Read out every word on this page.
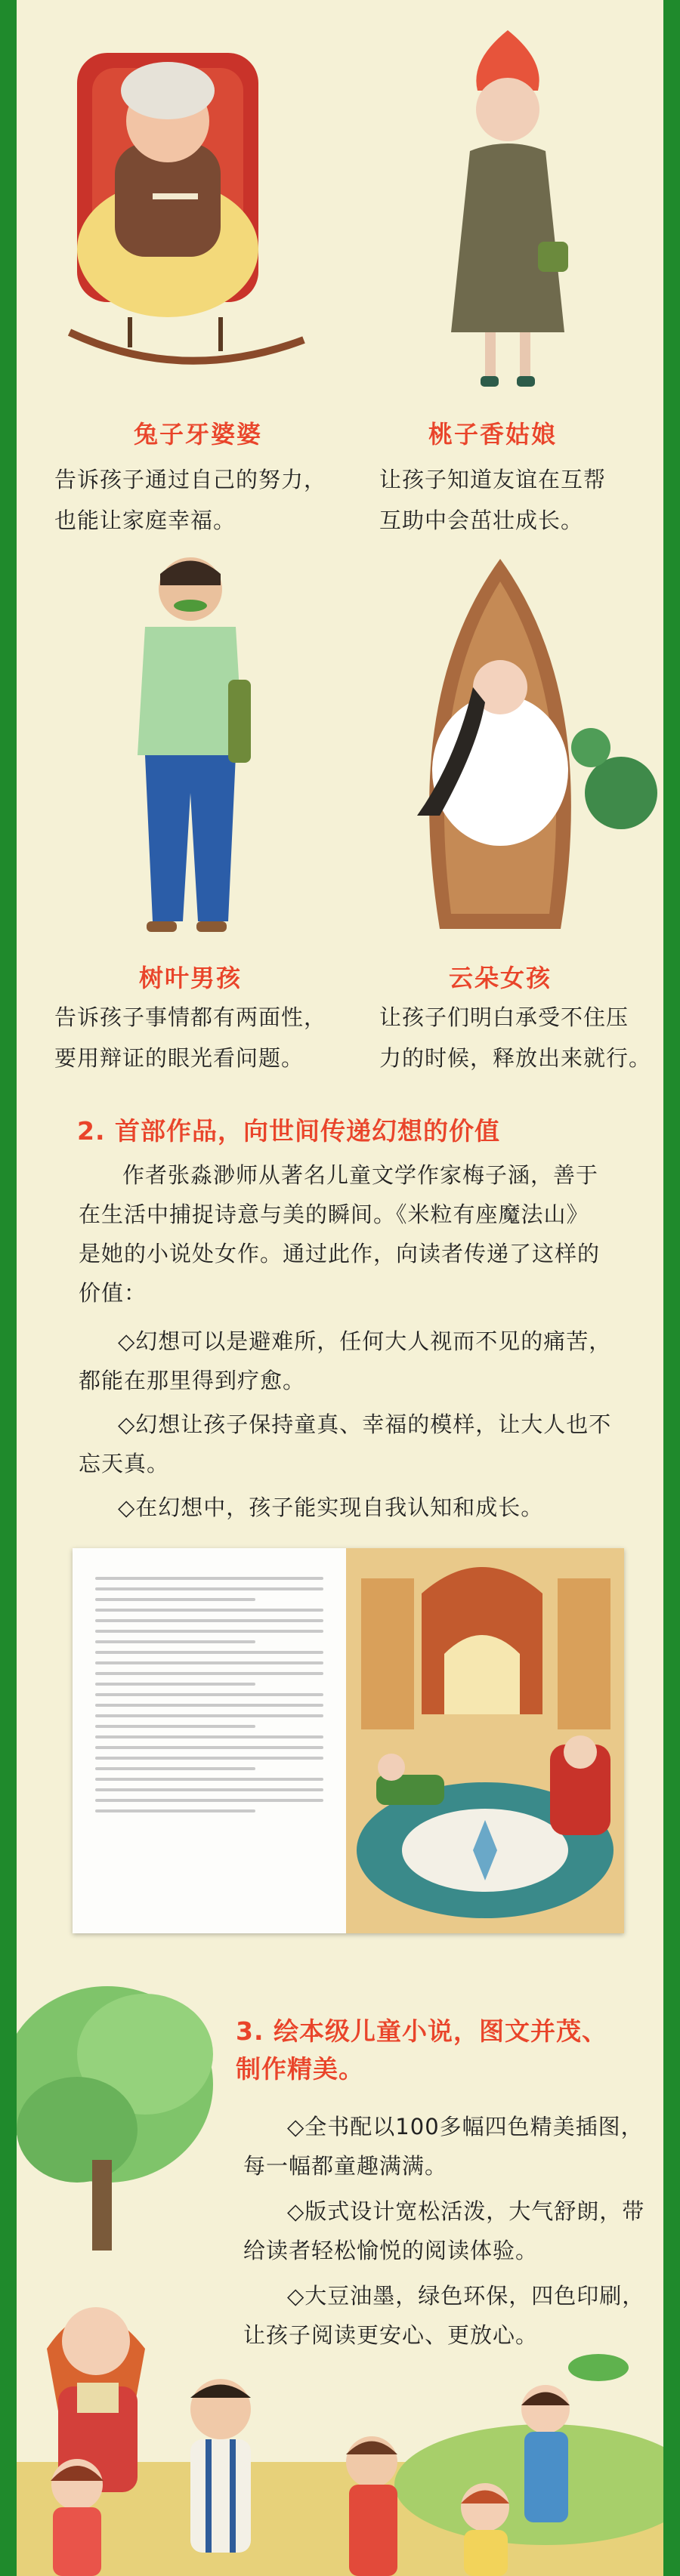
兔子牙婆婆	桃子香姑娘
告诉孩子通过自己的努力，
也能让家庭幸福。
让孩子知道友谊在互帮
互助中会茁壮成长。
树叶男孩	云朵女孩
告诉孩子事情都有两面性，
要用辩证的眼光看问题。
让孩子们明白承受不住压
力的时候，释放出来就行。
2. 首部作品，向世间传递幻想的价值
作者张淼渺师从著名儿童文学作家梅子涵，善于
在生活中捕捉诗意与美的瞬间。《米粒有座魔法山》
是她的小说处女作。通过此作，向读者传递了这样的
价值：
◇幻想可以是避难所，任何大人视而不见的痛苦，
都能在那里得到疗愈。
◇幻想让孩子保持童真、幸福的模样，让大人也不
忘天真。
◇在幻想中，孩子能实现自我认知和成长。
3. 绘本级儿童小说，图文并茂、
制作精美。
◇全书配以100多幅四色精美插图，
每一幅都童趣满满。
◇版式设计宽松活泼，大气舒朗，带
给读者轻松愉悦的阅读体验。
◇大豆油墨，绿色环保，四色印刷，
让孩子阅读更安心、更放心。
